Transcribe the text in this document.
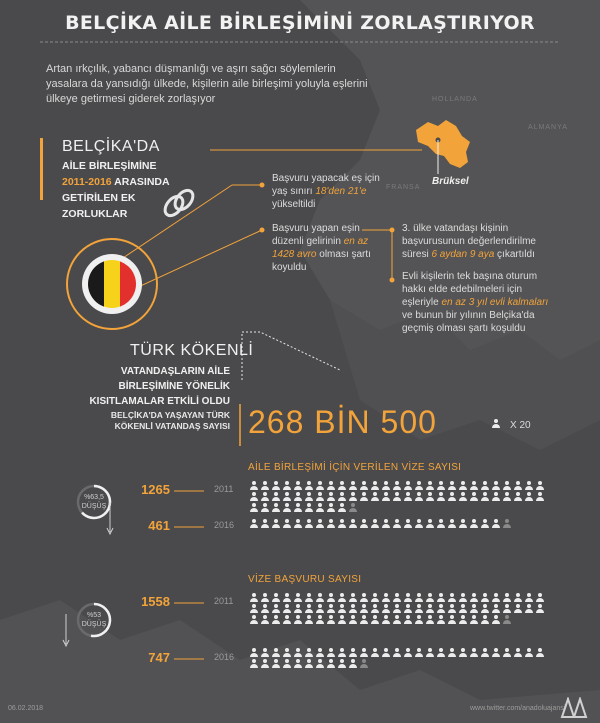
BELÇİKA AİLE BİRLEŞİMİNİ ZORLAŞTIRIYOR
Artan ırkçılık, yabancı düşmanlığı ve aşırı sağcı söylemlerin yasalara da yansıdığı ülkede, kişilerin aile birleşimi yoluyla eşlerini ülkeye getirmesi giderek zorlaşıyor	HOLLANDA
ALMANYA
FRANSA
Brüksel
BELÇİKA'DA
AİLE BİRLEŞİMİNE
2011-2016 ARASINDA
GETİRİLEN EK
ZORLUKLAR
Başvuru yapacak eş için yaş sınırı 18'den 21'e yükseltildi
Başvuru yapan eşin düzenli gelirinin en az 1428 avro olması şartı koyuldu
3. ülke vatandaşı kişinin başvurusunun değerlendirilme süresi 6 aydan 9 aya çıkartıldı
Evli kişilerin tek başına oturum hakkı elde edebilmeleri için eşleriyle en az 3 yıl evli kalmaları ve bunun bir yılının Belçika'da geçmiş olması şartı koşuldu
TÜRK KÖKENLİ
VATANDAŞLARIN AİLE BİRLEŞİMİNE YÖNELİK KISITLAMALAR ETKİLİ OLDU
BELÇİKA'DA YAŞAYAN TÜRK KÖKENLİ VATANDAŞ SAYISI 268 BİN 500	X 20
AİLE BİRLEŞİMİ İÇİN VERİLEN VİZE SAYISI
%63,5 DÜŞÜŞ
1265	2011
461	2016
VİZE BAŞVURU SAYISI
%53 DÜŞÜŞ
1558	2011
747	2016
06.02.2018	www.twitter.com/anadoluajansi
